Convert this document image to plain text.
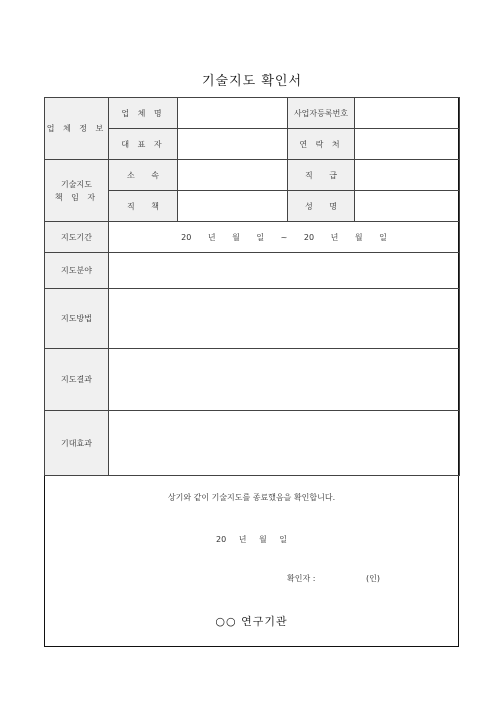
기술지도 확인서
업 체 정 보	업 체 명		사업자등록번호	
	대 표 자		연 락 처	

기술지도
책 임 자	소 속		직 급	
	직 책		성 명	
지도기간	20 년 월 일 ~ 20 년 월 일			
지도분야				
지도방법				
지도결과				
기대효과				
상기와 같이 기술지도를 종료했음을 확인합니다.
20 년 월 일
확인자 :	(인)
○○ 연구기관
